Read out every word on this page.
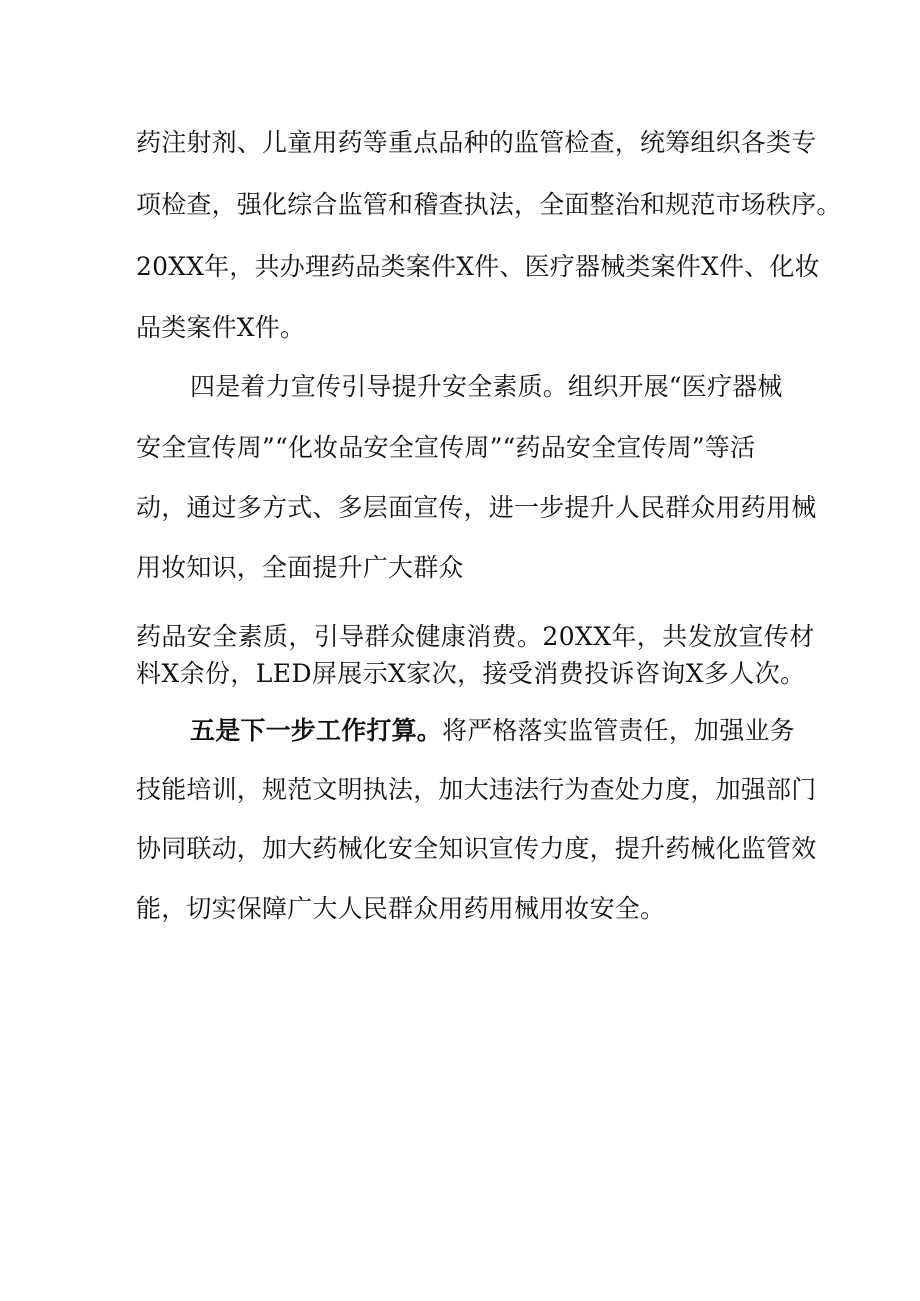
药注射剂、儿童用药等重点品种的监管检查，统筹组织各类专
项检查，强化综合监管和稽查执法，全面整治和规范市场秩序。
20XX年，共办理药品类案件X件、医疗器械类案件X件、化妆
品类案件X件。
四是着力宣传引导提升安全素质。组织开展“医疗器械
安全宣传周”“化妆品安全宣传周”“药品安全宣传周”等活
动，通过多方式、多层面宣传，进一步提升人民群众用药用械
用妆知识，全面提升广大群众
药品安全素质，引导群众健康消费。20XX年，共发放宣传材
料X余份，LED屏展示X家次，接受消费投诉咨询X多人次。
五是下一步工作打算。将严格落实监管责任，加强业务
技能培训，规范文明执法，加大违法行为查处力度，加强部门
协同联动，加大药械化安全知识宣传力度，提升药械化监管效
能，切实保障广大人民群众用药用械用妆安全。
